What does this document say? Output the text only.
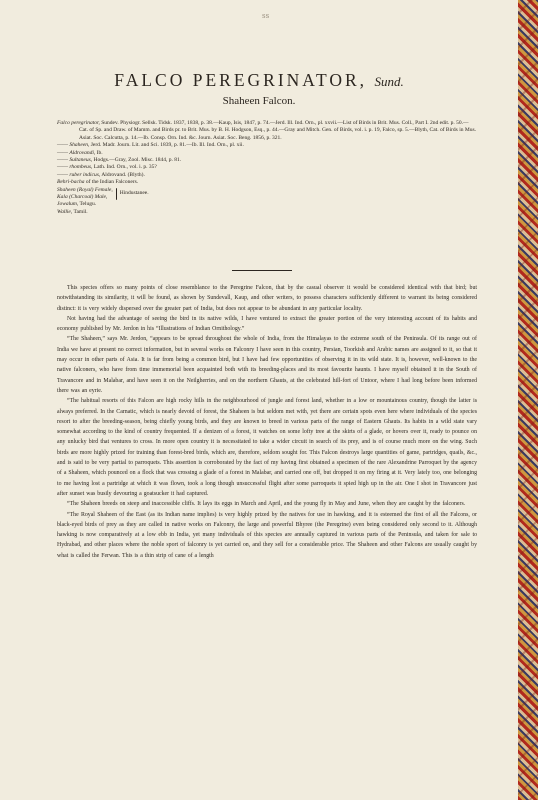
ss
FALCO PEREGRINATOR, Sund.
Shaheen Falcon.
Falco peregrinator, Sundev. Physiogr. Sellsk. Tidsk. 1837, 1838, p. 38.—Kaup, Isis, 1847, p. 74.—Jerd. Ill. Ind. Orn., pl. xxvii.—List of Birds in Brit. Mus. Coll., Part I. 2nd edit. p. 50.—Cat. of Sp. and Draw. of Mamm. and Birds pr. to Brit. Mus. by B. H. Hodgson, Esq., p. 44.—Gray and Mitch. Gen. of Birds, vol. i. p. 19, Falco, sp. 5.—Blyth, Cat. of Birds in Mus. Asiat. Soc. Calcutta, p. 14.—Ib. Consp. Orn. Ind. &c. Journ. Asiat. Soc. Beng. 1856, p. 321.
—— Shaheen, Jerd. Madr. Journ. Lit. and Sci. 1839, p. 81.—Ib. Ill. Ind. Orn., pl. xii.
—— Aldrovandi, Ib.
—— Sultaneus, Hodgs.—Gray, Zool. Misc. 1844, p. 81.
—— rhombeus, Lath. Ind. Orn., vol. i. p. 35?
—— ruber indicus, Aldrovand. (Blyth).
Behri-bacha of the Indian Falconers.
Shaheen (Royal) Female,
Kala (Charcoal) Male,
Hindustanee.
Jowalum, Telugu.
Wallie, Tamil.

This species offers so many points of close resemblance to the Peregrine Falcon, that by the casual observer it would be considered identical with that bird; but notwithstanding its similarity, it will be found, as shown by Sundevall, Kaup, and other writers, to possess characters sufficiently different to warrant its being considered distinct: it is very widely dispersed over the greater part of India, but does not appear to be abundant in any particular locality.

Not having had the advantage of seeing the bird in its native wilds, I have ventured to extract the greater portion of the very interesting account of its habits and economy published by Mr. Jerdon in his “Illustrations of Indian Ornithology.”

“The Shaheen,” says Mr. Jerdon, “appears to be spread throughout the whole of India, from the Himalayas to the extreme south of the Peninsula. Of its range out of India we have at present no correct information, but in several works on Falconry I have seen in this country, Persian, Toorkish and Arabic names are assigned to it, so that it may occur in other parts of Asia. It is far from being a common bird, but I have had few opportunities of observing it in its wild state. It is, however, well-known to the native falconers, who have from time immemorial been acquainted both with its breeding-places and its most favourite haunts. I have myself obtained it in the South of Travancore and in Malabar, and have seen it on the Neilgherries, and on the northern Ghauts, at the celebrated hill-fort of Untoor, where I had long before been informed there was an eyrie.

“The habitual resorts of this Falcon are high rocky hills in the neighbourhood of jungle and forest land, whether in a low or mountainous country, though the latter is always preferred. In the Carnatic, which is nearly devoid of forest, the Shaheen is but seldom met with, yet there are certain spots even here where individuals of the species resort to after the breeding-season, being chiefly young birds, and they are known to breed in various parts of the range of Eastern Ghauts. Its habits in a wild state vary somewhat according to the kind of country frequented. If a denizen of a forest, it watches on some lofty tree at the skirts of a glade, or hovers over it, ready to pounce on any unlucky bird that ventures to cross. In more open country it is necessitated to take a wider circuit in search of its prey, and is of course much more on the wing. Such birds are more highly prized for training than forest-bred birds, which are, therefore, seldom sought for. This Falcon destroys large quantities of game, partridges, quails, &c., and is said to be very partial to parroquets. This assertion is corroborated by the fact of my having first obtained a specimen of the rare Alexandrine Parroquet by the agency of a Shaheen, which pounced on a flock that was crossing a glade of a forest in Malabar, and carried one off, but dropped it on my firing at it. Very lately too, one belonging to me having lost a partridge at which it was flown, took a long though unsuccessful flight after some parroquets it spied high up in the air. One I shot in Travancore just after sunset was busily devouring a goatsucker it had captured.

“The Shaheen breeds on steep and inaccessible cliffs. It lays its eggs in March and April, and the young fly in May and June, when they are caught by the falconers.

“The Royal Shaheen of the East (as its Indian name implies) is very highly prized by the natives for use in hawking, and it is esteemed the first of all the Falcons, or black-eyed birds of prey as they are called in native works on Falconry, the large and powerful Bhyree (the Peregrine) even being considered only second to it. Although hawking is now comparatively at a low ebb in India, yet many individuals of this species are annually captured in various parts of the Peninsula, and taken for sale to Hydrabad, and other places where the noble sport of falconry is yet carried on, and they sell for a considerable price. The Shaheen and other Falcons are usually caught by what is called the Ferwan. This is a thin strip of cane of a length
